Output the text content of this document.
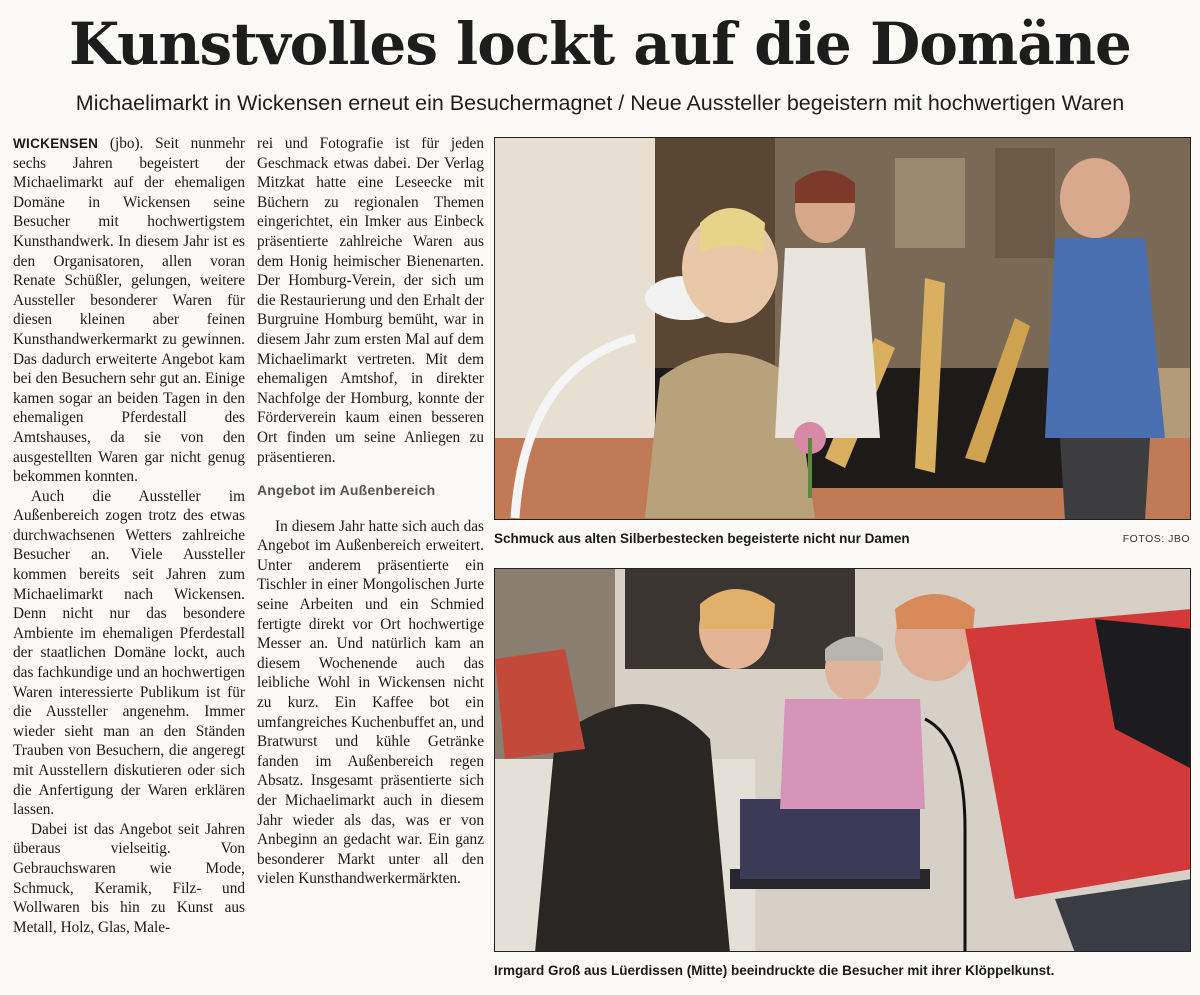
Kunstvolles lockt auf die Domäne
Michaelimarkt in Wickensen erneut ein Besuchermagnet / Neue Aussteller begeistern mit hochwertigen Waren

WICKENSEN (jbo). Seit nunmehr sechs Jahren begeistert der Michaelimarkt auf der ehemaligen Domäne in Wickensen seine Besucher mit hochwertigstem Kunsthandwerk. In diesem Jahr ist es den Organisatoren, allen voran Renate Schüßler, gelungen, weitere Aussteller besonderer Waren für diesen kleinen aber feinen Kunsthandwerkermarkt zu gewinnen. Das dadurch erweiterte Angebot kam bei den Besuchern sehr gut an. Einige kamen sogar an beiden Tagen in den ehemaligen Pferdestall des Amtshauses, da sie von den ausgestellten Waren gar nicht genug bekommen konnten.

Auch die Aussteller im Außenbereich zogen trotz des etwas durchwachsenen Wetters zahlreiche Besucher an. Viele Aussteller kommen bereits seit Jahren zum Michaelimarkt nach Wickensen. Denn nicht nur das besondere Ambiente im ehemaligen Pferdestall der staatlichen Domäne lockt, auch das fachkundige und an hochwertigen Waren interessierte Publikum ist für die Aussteller angenehm. Immer wieder sieht man an den Ständen Trauben von Besuchern, die angeregt mit Ausstellern diskutieren oder sich die Anfertigung der Waren erklären lassen.

Dabei ist das Angebot seit Jahren überaus vielseitig. Von Gebrauchswaren wie Mode, Schmuck, Keramik, Filz- und Wollwaren bis hin zu Kunst aus Metall, Holz, Glas, Male-

rei und Fotografie ist für jeden Geschmack etwas dabei. Der Verlag Mitzkat hatte eine Leseecke mit Büchern zu regionalen Themen eingerichtet, ein Imker aus Einbeck präsentierte zahlreiche Waren aus dem Honig heimischer Bienenarten. Der Homburg-Verein, der sich um die Restaurierung und den Erhalt der Burgruine Homburg bemüht, war in diesem Jahr zum ersten Mal auf dem Michaelimarkt vertreten. Mit dem ehemaligen Amtshof, in direkter Nachfolge der Homburg, konnte der Förderverein kaum einen besseren Ort finden um seine Anliegen zu präsentieren.

Angebot im Außenbereich

In diesem Jahr hatte sich auch das Angebot im Außenbereich erweitert. Unter anderem präsentierte ein Tischler in einer Mongolischen Jurte seine Arbeiten und ein Schmied fertigte direkt vor Ort hochwertige Messer an. Und natürlich kam an diesem Wochenende auch das leibliche Wohl in Wickensen nicht zu kurz. Ein Kaffee bot ein umfangreiches Kuchenbuffet an, und Bratwurst und kühle Getränke fanden im Außenbereich regen Absatz. Insgesamt präsentierte sich der Michaelimarkt auch in diesem Jahr wieder als das, was er von Anbeginn an gedacht war. Ein ganz besonderer Markt unter all den vielen Kunsthandwerkermärkten.

Schmuck aus alten Silberbestecken begeisterte nicht nur Damen	FOTOS: JBO
Irmgard Groß aus Lüerdissen (Mitte) beeindruckte die Besucher mit ihrer Klöppelkunst.
